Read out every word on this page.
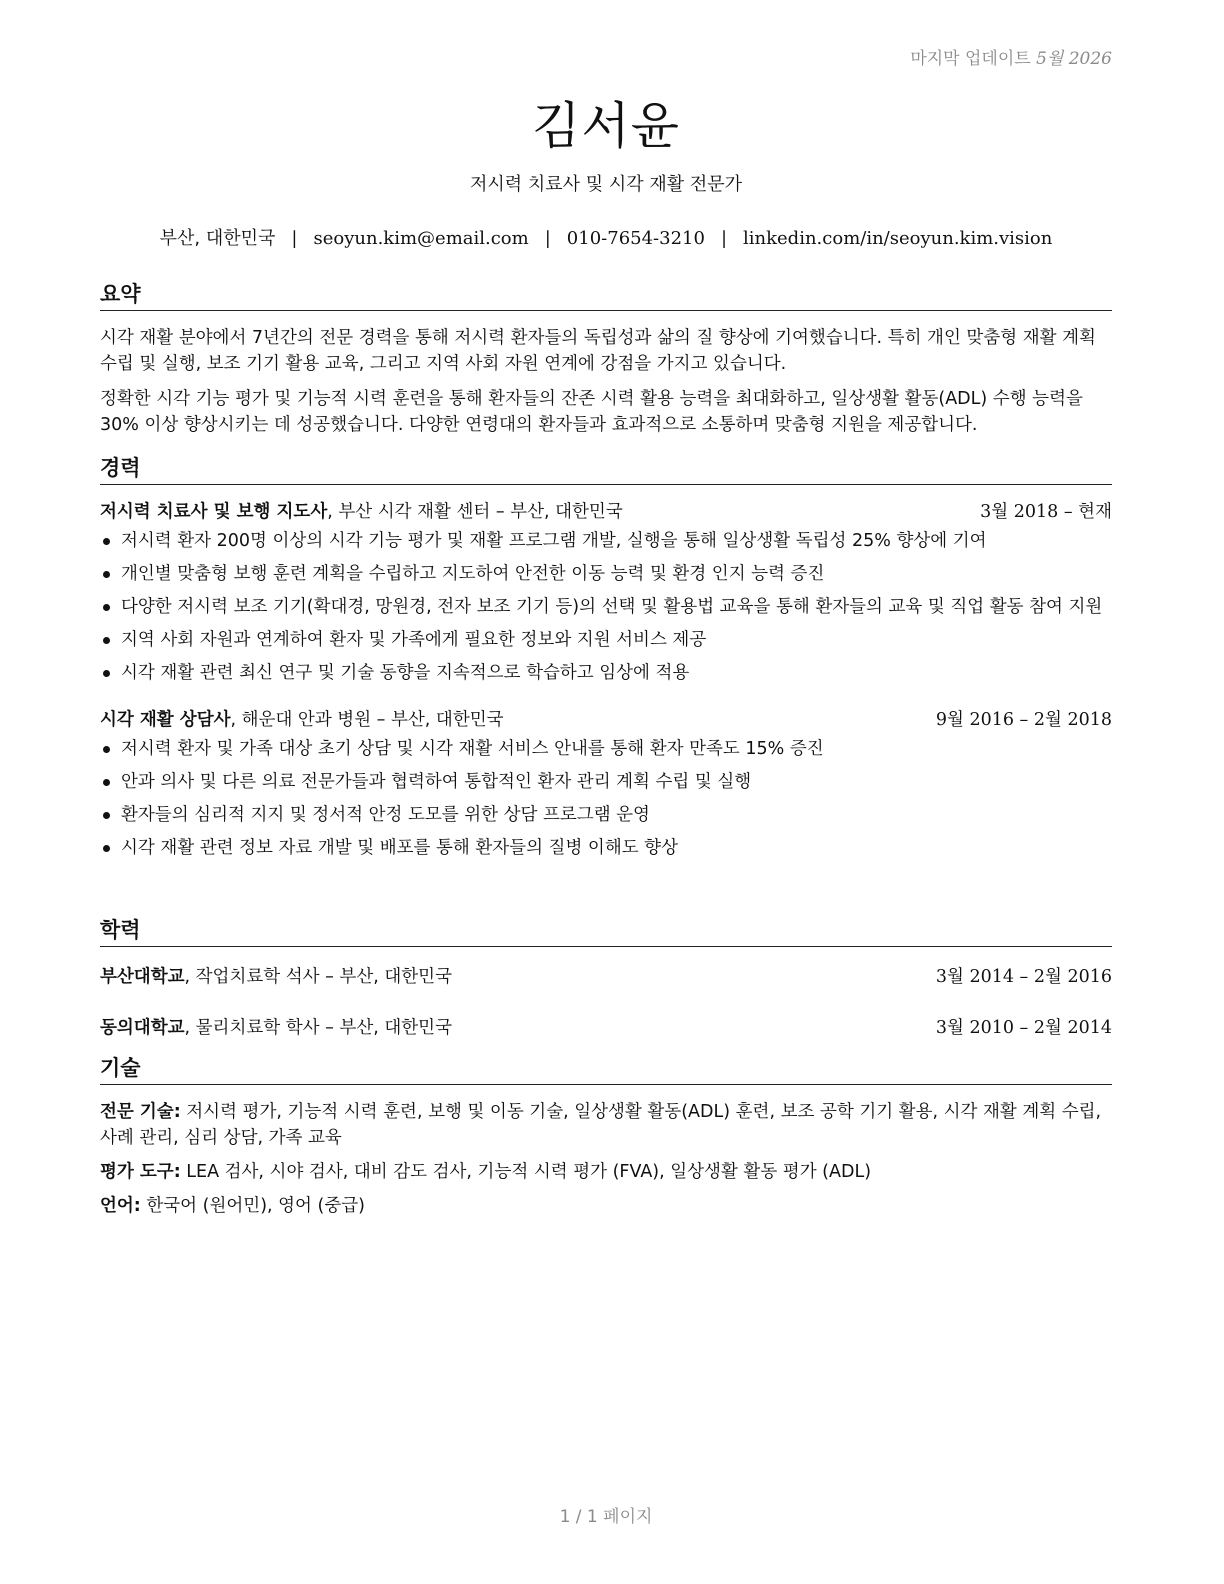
마지막 업데이트 5월 2026
김서윤
저시력 치료사 및 시각 재활 전문가
부산, 대한민국 | seoyun.kim@email.com | 010-7654-3210 | linkedin.com/in/seoyun.kim.vision
요약

시각 재활 분야에서 7년간의 전문 경력을 통해 저시력 환자들의 독립성과 삶의 질 향상에 기여했습니다. 특히 개인 맞춤형 재활 계획 수립 및 실행, 보조 기기 활용 교육, 그리고 지역 사회 자원 연계에 강점을 가지고 있습니다.

정확한 시각 기능 평가 및 기능적 시력 훈련을 통해 환자들의 잔존 시력 활용 능력을 최대화하고, 일상생활 활동(ADL) 수행 능력을 30% 이상 향상시키는 데 성공했습니다. 다양한 연령대의 환자들과 효과적으로 소통하며 맞춤형 지원을 제공합니다.

경력
저시력 치료사 및 보행 지도사, 부산 시각 재활 센터 – 부산, 대한민국	3월 2018 – 현재
저시력 환자 200명 이상의 시각 기능 평가 및 재활 프로그램 개발, 실행을 통해 일상생활 독립성 25% 향상에 기여
개인별 맞춤형 보행 훈련 계획을 수립하고 지도하여 안전한 이동 능력 및 환경 인지 능력 증진
다양한 저시력 보조 기기(확대경, 망원경, 전자 보조 기기 등)의 선택 및 활용법 교육을 통해 환자들의 교육 및 직업 활동 참여 지원
지역 사회 자원과 연계하여 환자 및 가족에게 필요한 정보와 지원 서비스 제공
시각 재활 관련 최신 연구 및 기술 동향을 지속적으로 학습하고 임상에 적용
시각 재활 상담사, 해운대 안과 병원 – 부산, 대한민국	9월 2016 – 2월 2018
저시력 환자 및 가족 대상 초기 상담 및 시각 재활 서비스 안내를 통해 환자 만족도 15% 증진
안과 의사 및 다른 의료 전문가들과 협력하여 통합적인 환자 관리 계획 수립 및 실행
환자들의 심리적 지지 및 정서적 안정 도모를 위한 상담 프로그램 운영
시각 재활 관련 정보 자료 개발 및 배포를 통해 환자들의 질병 이해도 향상
학력
부산대학교, 작업치료학 석사 – 부산, 대한민국	3월 2014 – 2월 2016
동의대학교, 물리치료학 학사 – 부산, 대한민국	3월 2010 – 2월 2014
기술

전문 기술: 저시력 평가, 기능적 시력 훈련, 보행 및 이동 기술, 일상생활 활동(ADL) 훈련, 보조 공학 기기 활용, 시각 재활 계획 수립, 사례 관리, 심리 상담, 가족 교육

평가 도구: LEA 검사, 시야 검사, 대비 감도 검사, 기능적 시력 평가 (FVA), 일상생활 활동 평가 (ADL)

언어: 한국어 (원어민), 영어 (중급)

1 / 1 페이지
